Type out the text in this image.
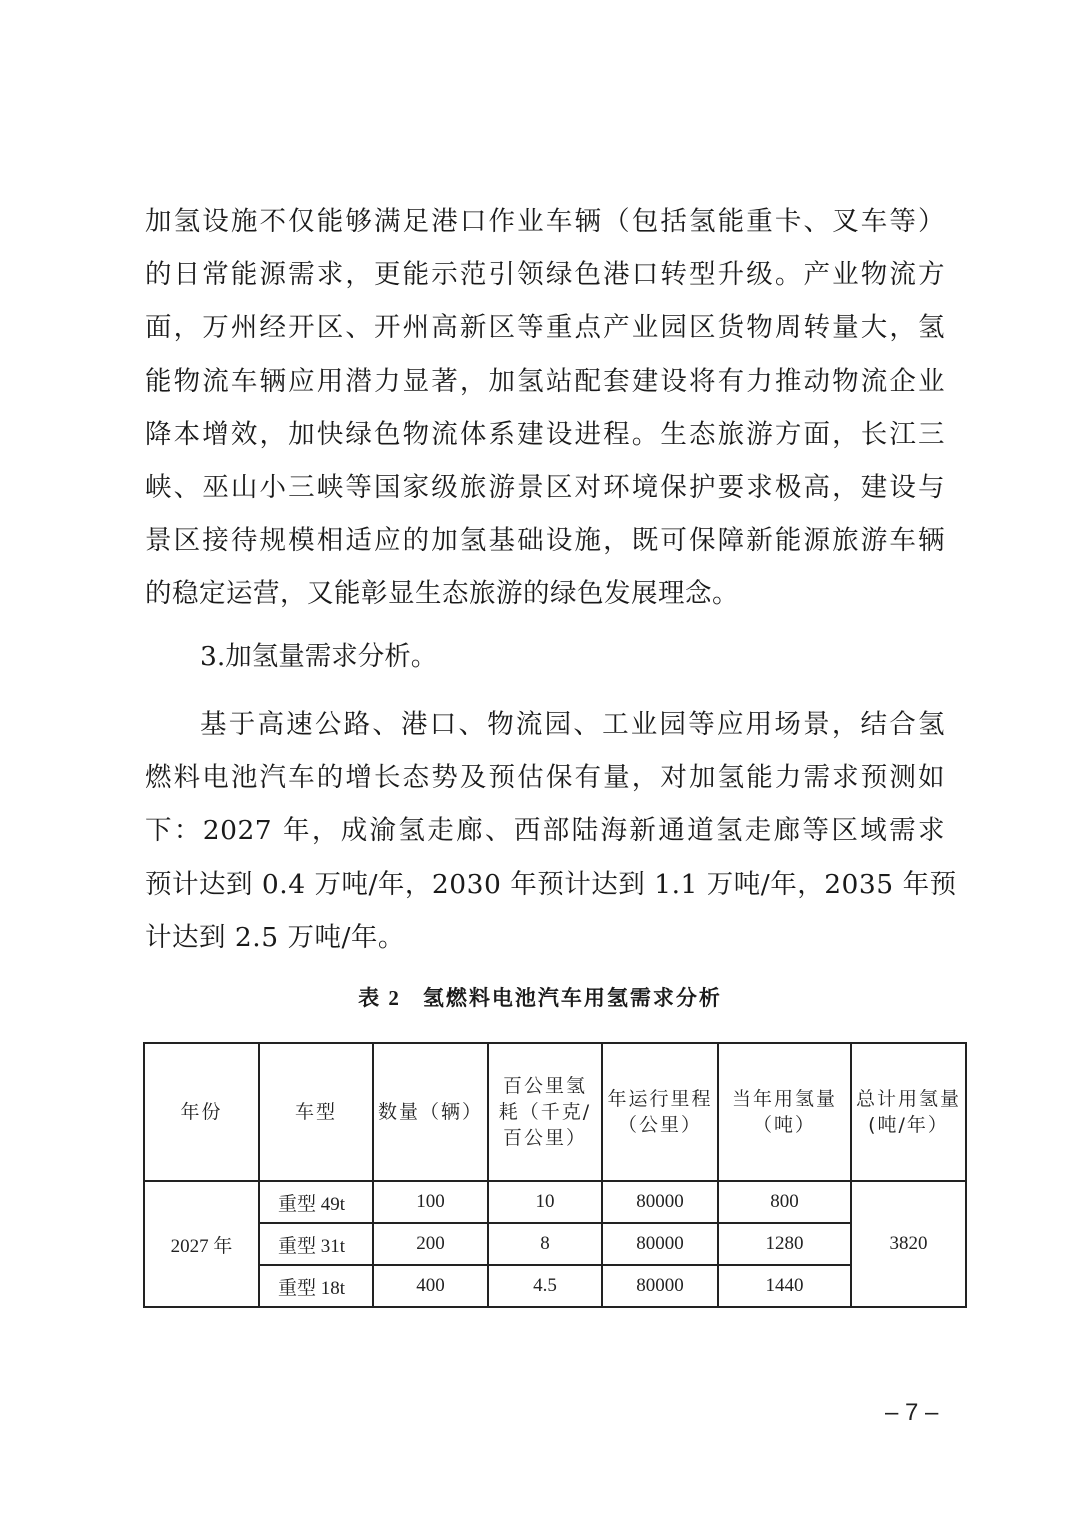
加氢设施不仅能够满足港口作业车辆（包括氢能重卡、叉车等）
的日常能源需求，更能示范引领绿色港口转型升级。产业物流方
面，万州经开区、开州高新区等重点产业园区货物周转量大，氢
能物流车辆应用潜力显著，加氢站配套建设将有力推动物流企业
降本增效，加快绿色物流体系建设进程。生态旅游方面，长江三
峡、巫山小三峡等国家级旅游景区对环境保护要求极高，建设与
景区接待规模相适应的加氢基础设施，既可保障新能源旅游车辆
的稳定运营，又能彰显生态旅游的绿色发展理念。
3.加氢量需求分析。
基于高速公路、港口、物流园、工业园等应用场景，结合氢
燃料电池汽车的增长态势及预估保有量，对加氢能力需求预测如
下：2027 年，成渝氢走廊、西部陆海新通道氢走廊等区域需求
预计达到 0.4 万吨/年，2030 年预计达到 1.1 万吨/年，2035 年预
计达到 2.5 万吨/年。
表 2 氢燃料电池汽车用氢需求分析
年份	车型	数量（辆）	百公里氢耗（千克/百公里）	年运行里程（公里）	当年用氢量（吨）	总计用氢量(吨/年）
2027 年	重型 49t	100	10	80000	800	3820
	重型 31t	200	8	80000	1280	
	重型 18t	400	4.5	80000	1440	
– 7 –
